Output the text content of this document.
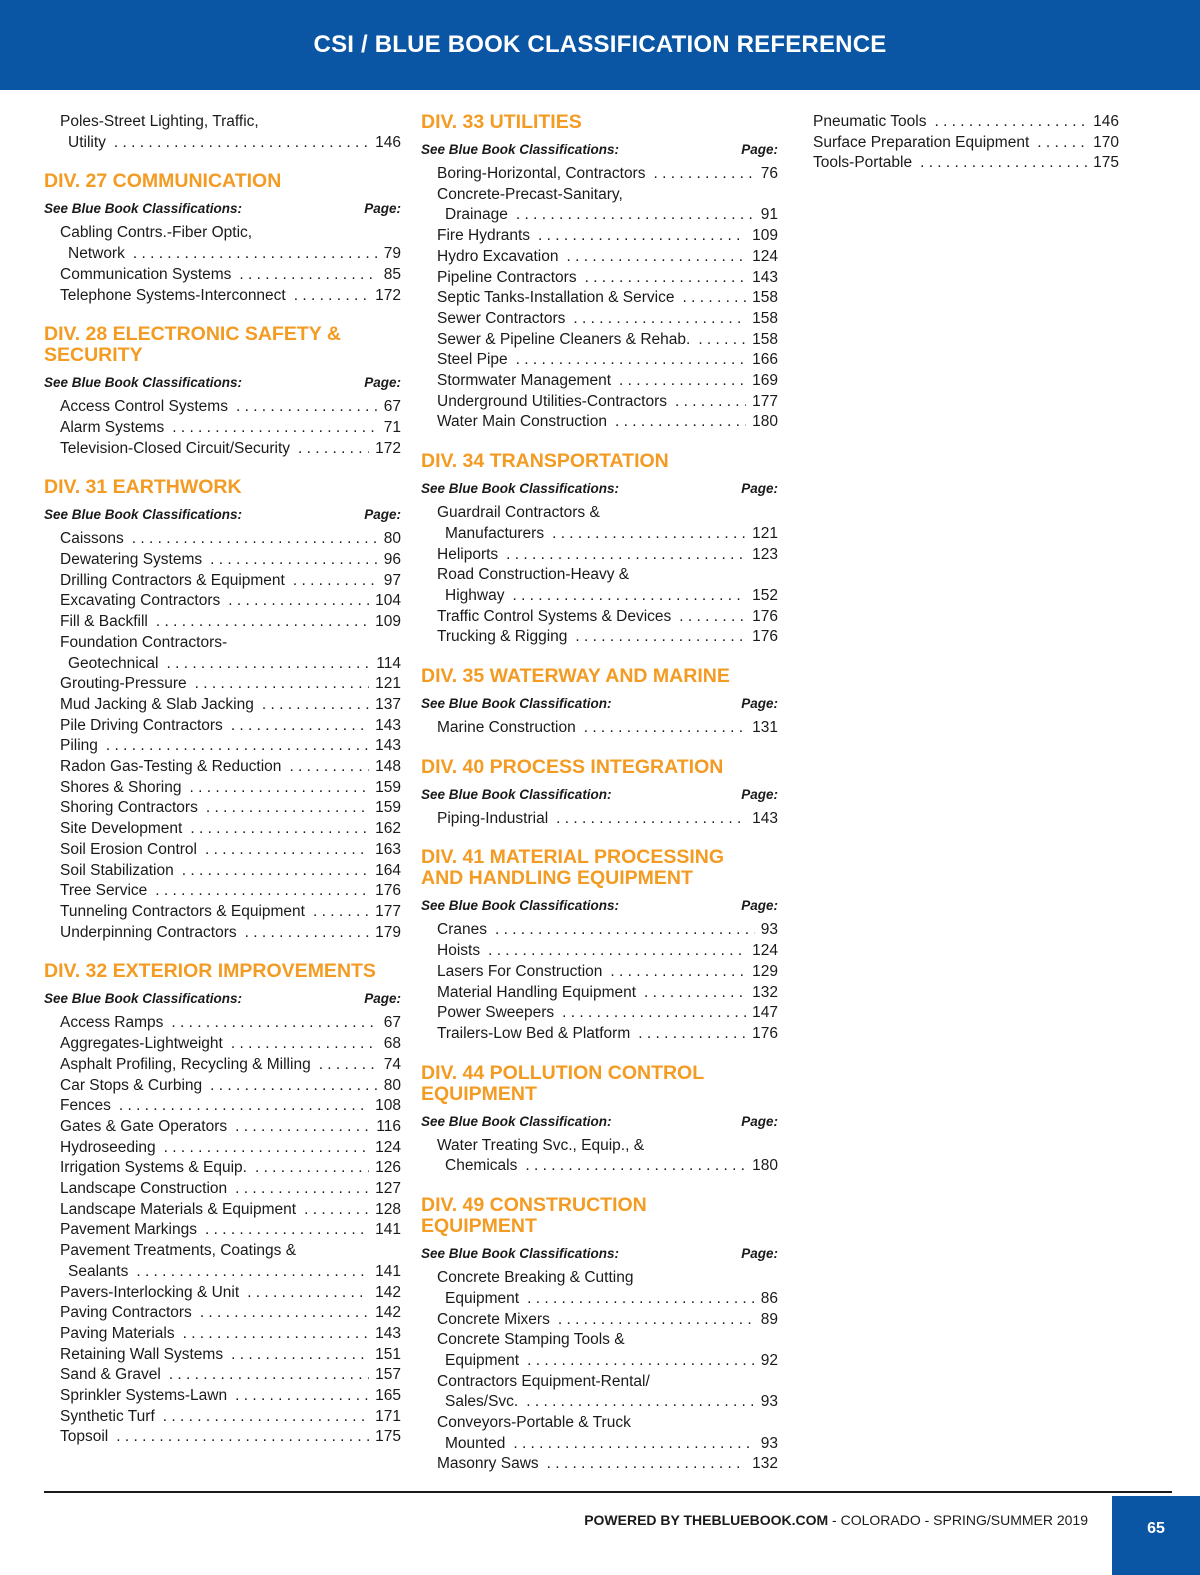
CSI / BLUE BOOK CLASSIFICATION REFERENCE
Poles-Street Lighting, Traffic,
Utility . . .	146
DIV. 27 COMMUNICATION
See Blue Book Classifications:	Page:
Cabling Contrs.-Fiber Optic,
Network . . .	79
Communication Systems . . .	85
Telephone Systems-Interconnect . . .	172
DIV. 28 ELECTRONIC SAFETY &
SECURITY
See Blue Book Classifications:	Page:
Access Control Systems . . .	67
Alarm Systems . . .	71
Television-Closed Circuit/Security . . .	172
DIV. 31 EARTHWORK
See Blue Book Classifications:	Page:
Caissons . . .	80
Dewatering Systems . . .	96
Drilling Contractors & Equipment . . .	97
Excavating Contractors . . .	104
Fill & Backfill . . .	109
Foundation Contractors-
Geotechnical . . .	114
Grouting-Pressure . . .	121
Mud Jacking & Slab Jacking . . .	137
Pile Driving Contractors . . .	143
Piling . . .	143
Radon Gas-Testing & Reduction . . .	148
Shores & Shoring . . .	159
Shoring Contractors . . .	159
Site Development . . .	162
Soil Erosion Control . . .	163
Soil Stabilization . . .	164
Tree Service . . .	176
Tunneling Contractors & Equipment . . .	177
Underpinning Contractors . . .	179
DIV. 32 EXTERIOR IMPROVEMENTS
See Blue Book Classifications:	Page:
Access Ramps . . .	67
Aggregates-Lightweight . . .	68
Asphalt Profiling, Recycling & Milling . . .	74
Car Stops & Curbing . . .	80
Fences . . .	108
Gates & Gate Operators . . .	116
Hydroseeding . . .	124
Irrigation Systems & Equip. . . .	126
Landscape Construction . . .	127
Landscape Materials & Equipment . . .	128
Pavement Markings . . .	141
Pavement Treatments, Coatings &
Sealants . . .	141
Pavers-Interlocking & Unit . . .	142
Paving Contractors . . .	142
Paving Materials . . .	143
Retaining Wall Systems . . .	151
Sand & Gravel . . .	157
Sprinkler Systems-Lawn . . .	165
Synthetic Turf . . .	171
Topsoil . . .	175
DIV. 33 UTILITIES
See Blue Book Classifications:	Page:
Boring-Horizontal, Contractors . . .	76
Concrete-Precast-Sanitary,
Drainage . . .	91
Fire Hydrants . . .	109
Hydro Excavation . . .	124
Pipeline Contractors . . .	143
Septic Tanks-Installation & Service . . .	158
Sewer Contractors . . .	158
Sewer & Pipeline Cleaners & Rehab. . . .	158
Steel Pipe . . .	166
Stormwater Management . . .	169
Underground Utilities-Contractors . . .	177
Water Main Construction . . .	180
DIV. 34 TRANSPORTATION
See Blue Book Classifications:	Page:
Guardrail Contractors &
Manufacturers . . .	121
Heliports . . .	123
Road Construction-Heavy &
Highway . . .	152
Traffic Control Systems & Devices . . .	176
Trucking & Rigging . . .	176
DIV. 35 WATERWAY AND MARINE
See Blue Book Classification:	Page:
Marine Construction . . .	131
DIV. 40 PROCESS INTEGRATION
See Blue Book Classification:	Page:
Piping-Industrial . . .	143
DIV. 41 MATERIAL PROCESSING
AND HANDLING EQUIPMENT
See Blue Book Classifications:	Page:
Cranes . . .	93
Hoists . . .	124
Lasers For Construction . . .	129
Material Handling Equipment . . .	132
Power Sweepers . . .	147
Trailers-Low Bed & Platform . . .	176
DIV. 44 POLLUTION CONTROL
EQUIPMENT
See Blue Book Classification:	Page:
Water Treating Svc., Equip., &
Chemicals . . .	180
DIV. 49 CONSTRUCTION
EQUIPMENT
See Blue Book Classifications:	Page:
Concrete Breaking & Cutting
Equipment . . .	86
Concrete Mixers . . .	89
Concrete Stamping Tools &
Equipment . . .	92
Contractors Equipment-Rental/
Sales/Svc. . . .	93
Conveyors-Portable & Truck
Mounted . . .	93
Masonry Saws . . .	132
Pneumatic Tools . . .	146
Surface Preparation Equipment . . .	170
Tools-Portable . . .	175
POWERED BY THEBLUEBOOK.COM - COLORADO - SPRING/SUMMER 2019	65
